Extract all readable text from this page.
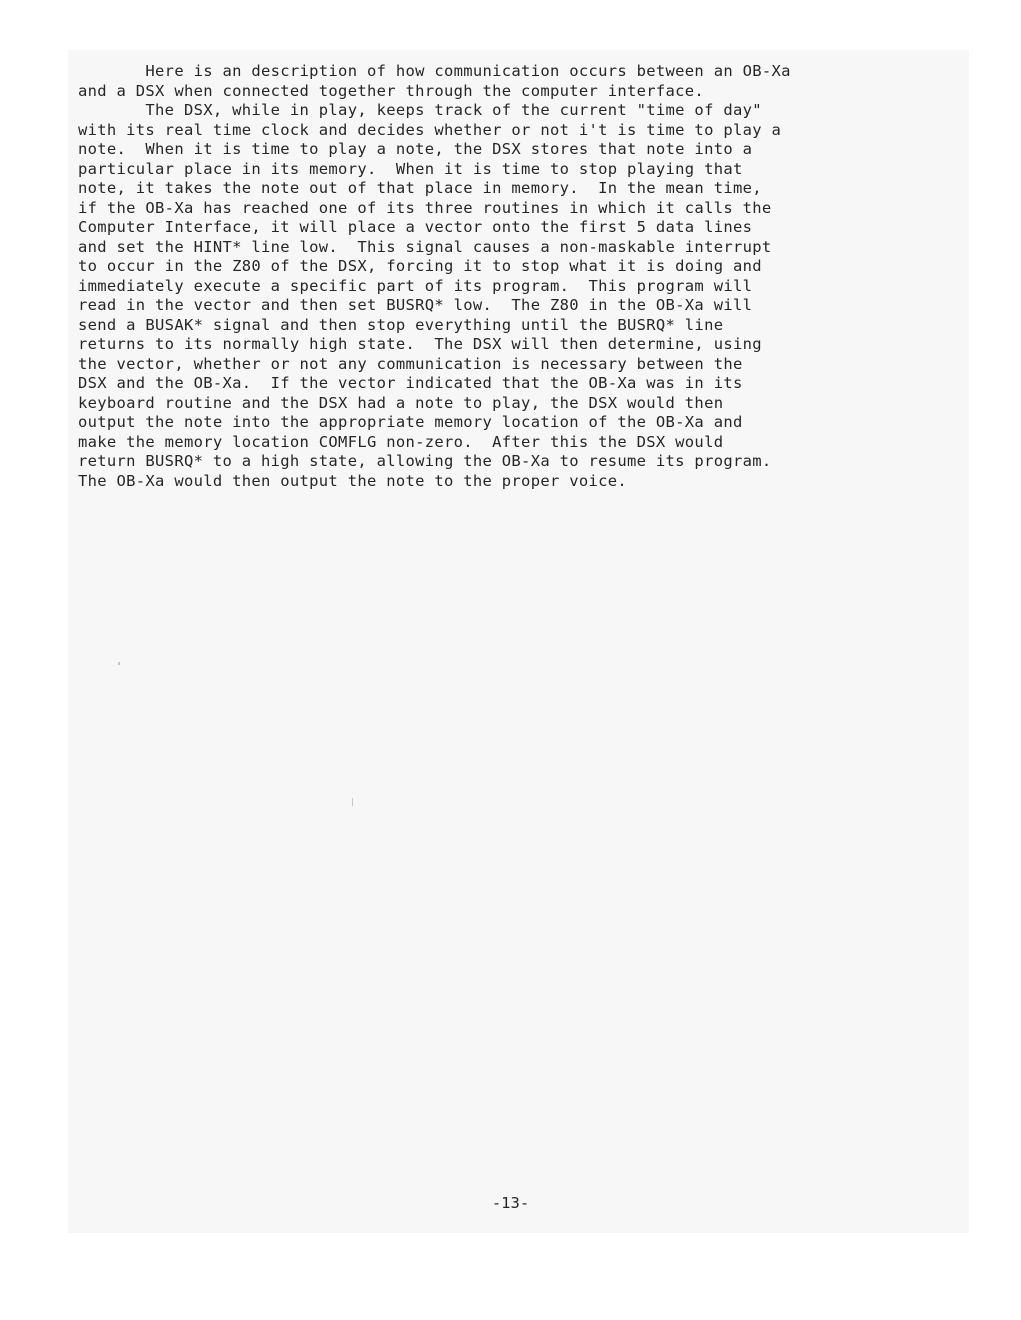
Here is an description of how communication occurs between an OB-Xa
and a DSX when connected together through the computer interface.
The DSX, while in play, keeps track of the current "time of day"
with its real time clock and decides whether or not i't is time to play a
note.  When it is time to play a note, the DSX stores that note into a
particular place in its memory.  When it is time to stop playing that
note, it takes the note out of that place in memory.  In the mean time,
if the OB-Xa has reached one of its three routines in which it calls the
Computer Interface, it will place a vector onto the first 5 data lines
and set the HINT* line low.  This signal causes a non-maskable interrupt
to occur in the Z80 of the DSX, forcing it to stop what it is doing and
immediately execute a specific part of its program.  This program will
read in the vector and then set BUSRQ* low.  The Z80 in the OB-Xa will
send a BUSAK* signal and then stop everything until the BUSRQ* line
returns to its normally high state.  The DSX will then determine, using
the vector, whether or not any communication is necessary between the
DSX and the OB-Xa.  If the vector indicated that the OB-Xa was in its
keyboard routine and the DSX had a note to play, the DSX would then
output the note into the appropriate memory location of the OB-Xa and
make the memory location COMFLG non-zero.  After this the DSX would
return BUSRQ* to a high state, allowing the OB-Xa to resume its program.
The OB-Xa would then output the note to the proper voice.
-13-
